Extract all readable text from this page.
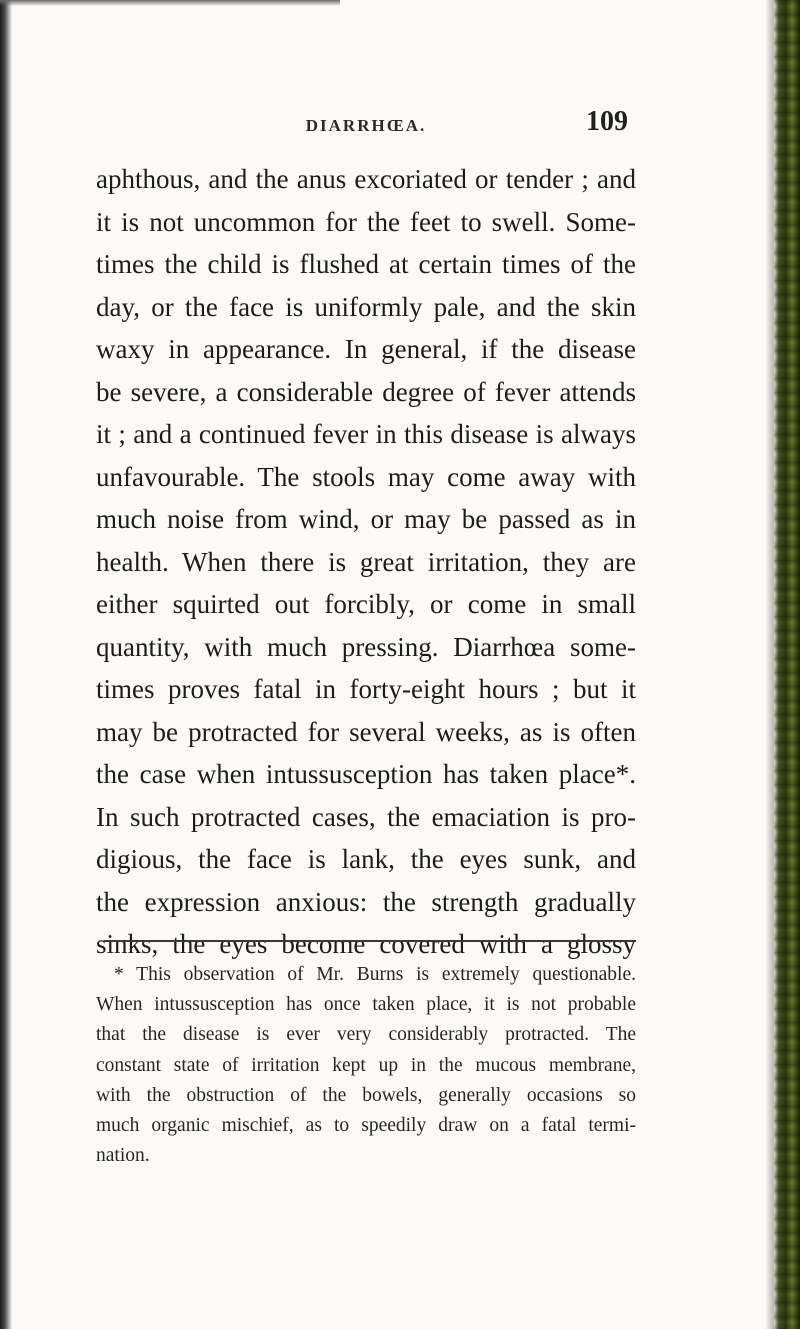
DIARRHŒA.	109
aphthous, and the anus excoriated or tender ; and
it is not uncommon for the feet to swell. Some-
times the child is flushed at certain times of the
day, or the face is uniformly pale, and the skin
waxy in appearance. In general, if the disease
be severe, a considerable degree of fever attends
it ; and a continued fever in this disease is always
unfavourable. The stools may come away with
much noise from wind, or may be passed as in
health. When there is great irritation, they are
either squirted out forcibly, or come in small
quantity, with much pressing. Diarrhœa some-
times proves fatal in forty-eight hours ; but it
may be protracted for several weeks, as is often
the case when intussusception has taken place*.
In such protracted cases, the emaciation is pro-
digious, the face is lank, the eyes sunk, and
the expression anxious: the strength gradually
sinks, the eyes become covered with a glossy
* This observation of Mr. Burns is extremely questionable.
When intussusception has once taken place, it is not probable
that the disease is ever very considerably protracted. The
constant state of irritation kept up in the mucous membrane,
with the obstruction of the bowels, generally occasions so
much organic mischief, as to speedily draw on a fatal termi-
nation.
